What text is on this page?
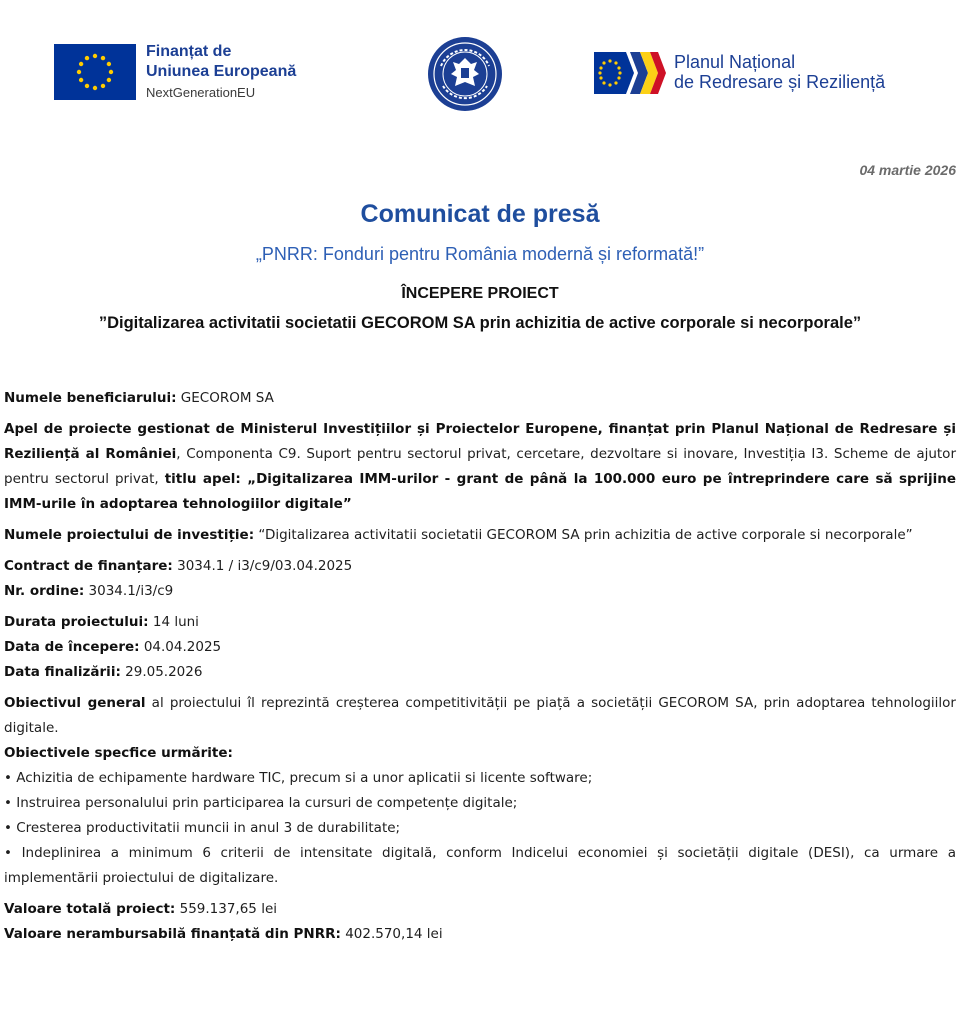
Finanțat de
Uniunea Europeană
NextGenerationEU
Planul Național
de Redresare și Reziliență
04 martie 2026
Comunicat de presă
„PNRR: Fonduri pentru România modernă și reformată!”
ÎNCEPERE PROIECT
”Digitalizarea activitatii societatii GECOROM SA prin achizitia de active corporale si necorporale”

Numele beneficiarului: GECOROM SA

Apel de proiecte gestionat de Ministerul Investițiilor și Proiectelor Europene, finanțat prin Planul Național de Redresare și Reziliență al României, Componenta C9. Suport pentru sectorul privat, cercetare, dezvoltare si inovare, Investiția I3. Scheme de ajutor pentru sectorul privat, titlu apel: „Digitalizarea IMM-urilor - grant de până la 100.000 euro pe întreprindere care să sprijine IMM-urile în adoptarea tehnologiilor digitale”

Numele proiectului de investiție: “Digitalizarea activitatii societatii GECOROM SA prin achizitia de active corporale si necorporale”

Contract de finanțare: 3034.1 / i3/c9/03.04.2025

Nr. ordine: 3034.1/i3/c9

Durata proiectului: 14 luni

Data de începere: 04.04.2025

Data finalizării: 29.05.2026

Obiectivul general al proiectului îl reprezintă creșterea competitivității pe piață a societății GECOROM SA, prin adoptarea tehnologiilor digitale.

Obiectivele specfice urmărite:

• Achizitia de echipamente hardware TIC, precum si a unor aplicatii si licente software;

• Instruirea personalului prin participarea la cursuri de competențe digitale;

• Cresterea productivitatii muncii in anul 3 de durabilitate;

• Indeplinirea a minimum 6 criterii de intensitate digitală, conform Indicelui economiei și societății digitale (DESI), ca urmare a implementării proiectului de digitalizare.

Valoare totală proiect: 559.137,65 lei

Valoare nerambursabilă finanțată din PNRR: 402.570,14 lei
